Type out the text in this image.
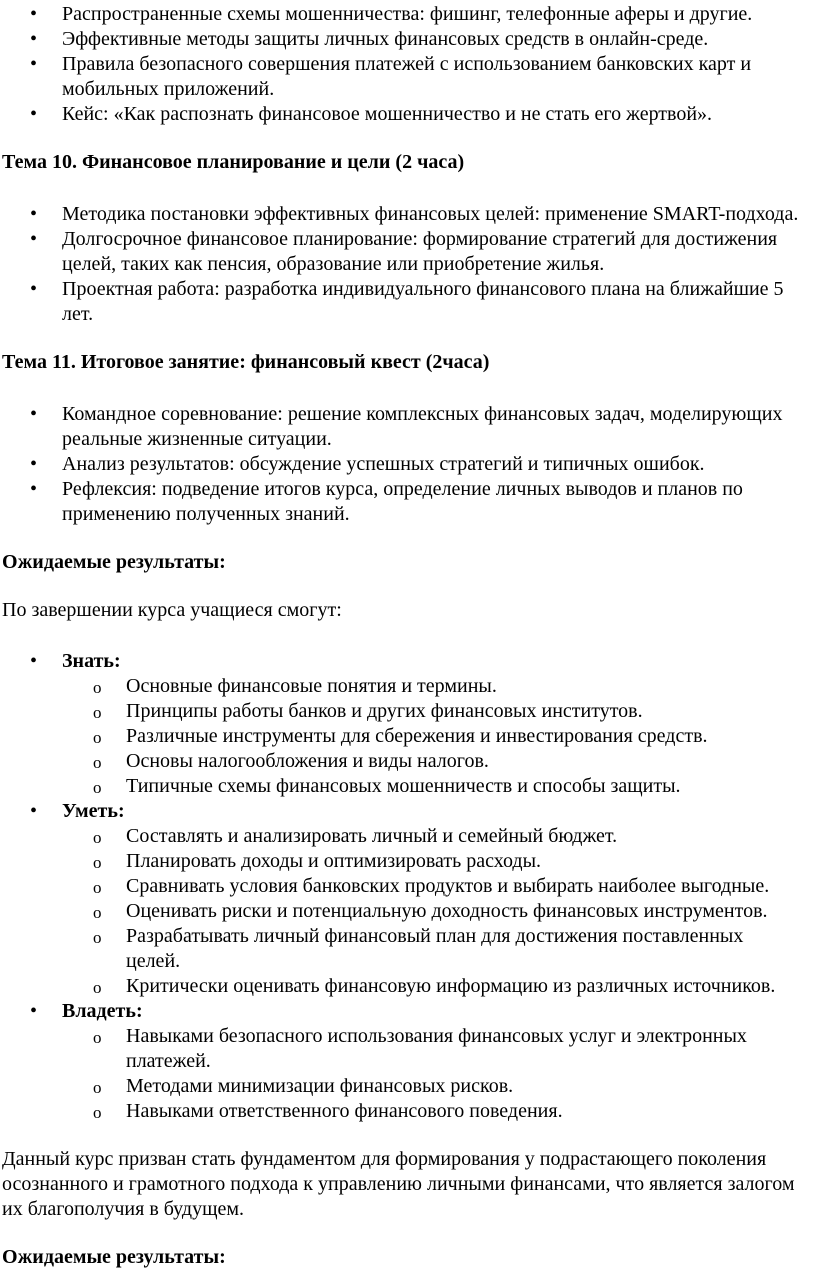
• Распространенные схемы мошенничества: фишинг, телефонные аферы и другие.
• Эффективные методы защиты личных финансовых средств в онлайн-среде.
• Правила безопасного совершения платежей с использованием банковских карт и мобильных приложений.
• Кейс: «Как распознать финансовое мошенничество и не стать его жертвой».

Тема 10. Финансовое планирование и цели (2 часа)

• Методика постановки эффективных финансовых целей: применение SMART-подхода.
• Долгосрочное финансовое планирование: формирование стратегий для достижения целей, таких как пенсия, образование или приобретение жилья.
• Проектная работа: разработка индивидуального финансового плана на ближайшие 5 лет.

Тема 11. Итоговое занятие: финансовый квест (2часа)

• Командное соревнование: решение комплексных финансовых задач, моделирующих реальные жизненные ситуации.
• Анализ результатов: обсуждение успешных стратегий и типичных ошибок.
• Рефлексия: подведение итогов курса, определение личных выводов и планов по применению полученных знаний.

Ожидаемые результаты:

По завершении курса учащиеся смогут:

• Знать:
o Основные финансовые понятия и термины.
o Принципы работы банков и других финансовых институтов.
o Различные инструменты для сбережения и инвестирования средств.
o Основы налогообложения и виды налогов.
o Типичные схемы финансовых мошенничеств и способы защиты.
• Уметь:
o Составлять и анализировать личный и семейный бюджет.
o Планировать доходы и оптимизировать расходы.
o Сравнивать условия банковских продуктов и выбирать наиболее выгодные.
o Оценивать риски и потенциальную доходность финансовых инструментов.
o Разрабатывать личный финансовый план для достижения поставленных целей.
o Критически оценивать финансовую информацию из различных источников.
• Владеть:
o Навыками безопасного использования финансовых услуг и электронных платежей.
o Методами минимизации финансовых рисков.
o Навыками ответственного финансового поведения.

Данный курс призван стать фундаментом для формирования у подрастающего поколения осознанного и грамотного подхода к управлению личными финансами, что является залогом их благополучия в будущем.

Ожидаемые результаты:
